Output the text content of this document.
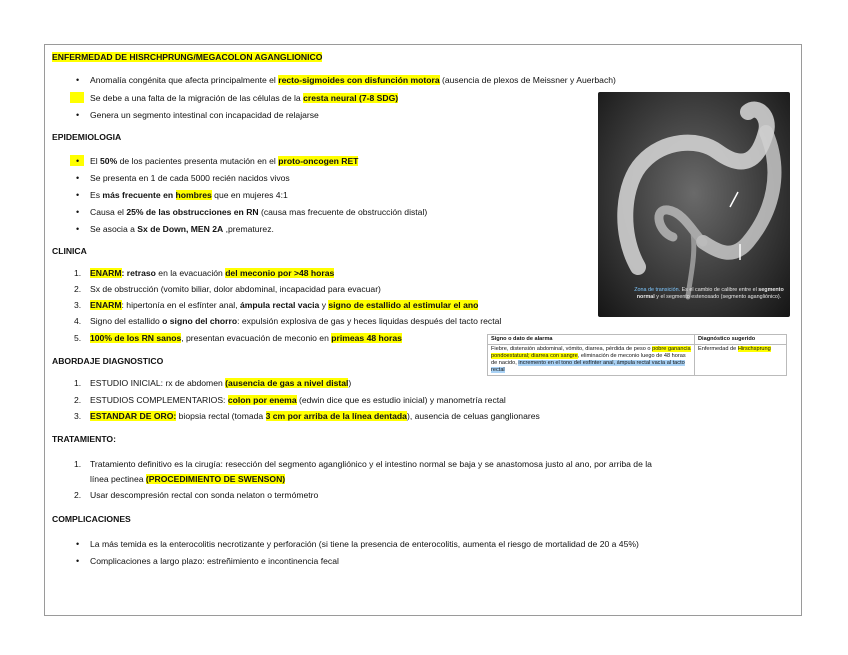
ENFERMEDAD DE HISRCHPRUNG/MEGACOLON AGANGLIONICO
• Anomalía congénita que afecta principalmente el recto-sigmoides con disfunción motora (ausencia de plexos de Meissner y Auerbach)
• Se debe a una falta de la migración de las células de la cresta neural (7-8 SDG)
• Genera un segmento intestinal con incapacidad de relajarse
EPIDEMIOLOGIA
• El 50% de los pacientes presenta mutación en el proto-oncogen RET
• Se presenta en 1 de cada 5000 recién nacidos vivos
• Es más frecuente en hombres que en mujeres 4:1
• Causa el 25% de las obstrucciones en RN (causa mas frecuente de obstrucción distal)
• Se asocia a Sx de Down, MEN 2A ,prematurez.
CLINICA
1. ENARM: retraso en la evacuación del meconio por >48 horas
2. Sx de obstrucción (vomito biliar, dolor abdominal, incapacidad para evacuar)
3. ENARM: hipertonía en el esfínter anal, ámpula rectal vacia y signo de estallido al estimular el ano
4. Signo del estallido o signo del chorro: expulsión explosiva de gas y heces liquidas después del tacto rectal
5. 100% de los RN sanos, presentan evacuación de meconio en primeas 48 horas
ABORDAJE DIAGNOSTICO
1. ESTUDIO INICIAL: rx de abdomen (ausencia de gas a nivel distal)
2. ESTUDIOS COMPLEMENTARIOS: colon por enema (edwin dice que es estudio inicial) y manometría rectal
3. ESTANDAR DE ORO: biopsia rectal (tomada 3 cm por arriba de la línea dentada), ausencia de celuas ganglionares
TRATAMIENTO:
1. Tratamiento definitivo es la cirugía: resección del segmento agangliónico y el intestino normal se baja y se anastomosa justo al ano, por arriba de la
línea pectinea (PROCEDIMIENTO DE SWENSON)
2. Usar descompresión rectal con sonda nelaton o termómetro
COMPLICACIONES
• La más temida es la enterocolitis necrotizante y perforación (si tiene la presencia de enterocolitis, aumenta el riesgo de mortalidad de 20 a 45%)
• Complicaciones a largo plazo: estreñimiento e incontinencia fecal
Zona de transición. Es el cambio de calibre entre el segmento normal y el segmento estenosado (segmento agangliónico).
Signo o dato de alarma	Diagnóstico sugerido
Fiebre, distensión abdominal, vómito, diarrea, pérdida de peso o pobre ganancia pondoestatural; diarrea con sangre, eliminación de meconio luego de 48 horas de nacido, incremento en el tono del esfínter anal, ámpula rectal vacía al tacto rectal	Enfermedad de Hirschsprung
